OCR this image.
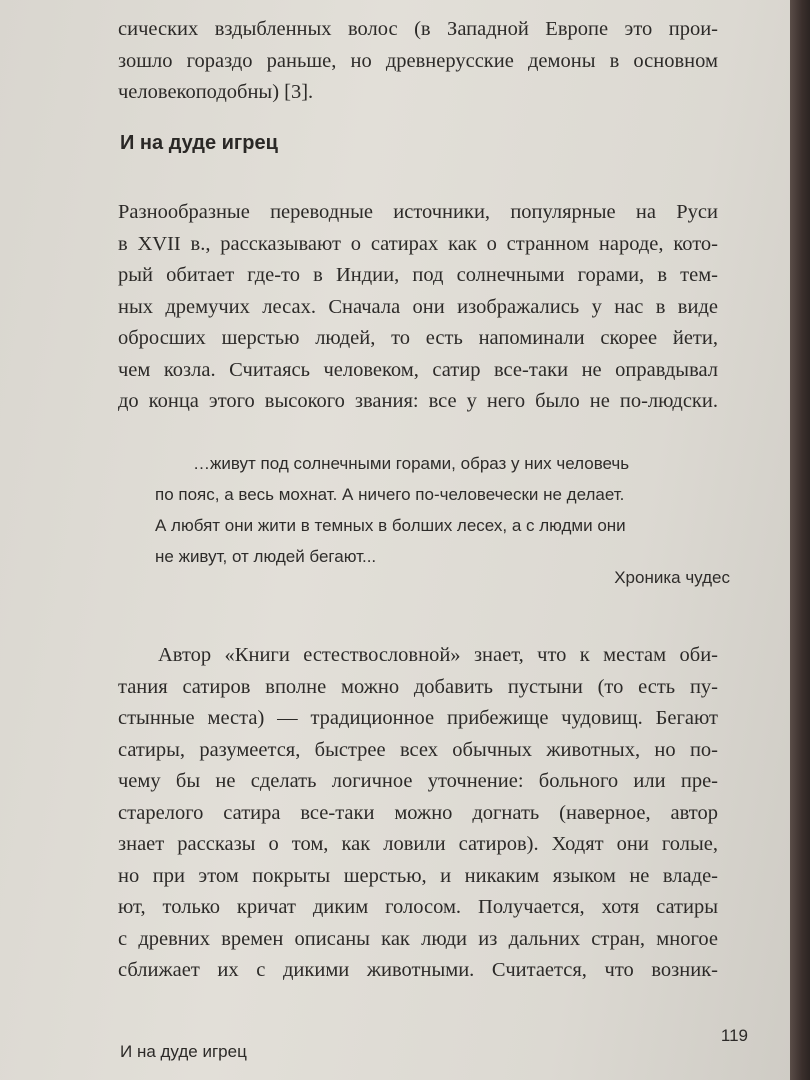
сических вздыбленных волос (в Западной Европе это прои-
зошло гораздо раньше, но древнерусские демоны в основном
человекоподобны) [3].
И на дуде игрец
Разнообразные переводные источники, популярные на Руси
в XVII в., рассказывают о сатирах как о странном народе, кото-
рый обитает где-то в Индии, под солнечными горами, в тем-
ных дремучих лесах. Сначала они изображались у нас в виде
обросших шерстью людей, то есть напоминали скорее йети,
чем козла. Считаясь человеком, сатир все-таки не оправдывал
до конца этого высокого звания: все у него было не по-людски.
…живут под солнечными горами, образ у них человечь
по пояс, а весь мохнат. А ничего по-человечески не делает.
А любят они жити в темных в болших лесех, а с людми они
не живут, от людей бегают...
Хроника чудес
Автор «Книги естествословной» знает, что к местам оби-
тания сатиров вполне можно добавить пустыни (то есть пу-
стынные места) — традиционное прибежище чудовищ. Бегают
сатиры, разумеется, быстрее всех обычных животных, но по-
чему бы не сделать логичное уточнение: больного или пре-
старелого сатира все-таки можно догнать (наверное, автор
знает рассказы о том, как ловили сатиров). Ходят они голые,
но при этом покрыты шерстью, и никаким языком не владе-
ют, только кричат диким голосом. Получается, хотя сатиры
с древних времен описаны как люди из дальних стран, многое
сближает их с дикими животными. Считается, что возник-
119
И на дуде игрец
